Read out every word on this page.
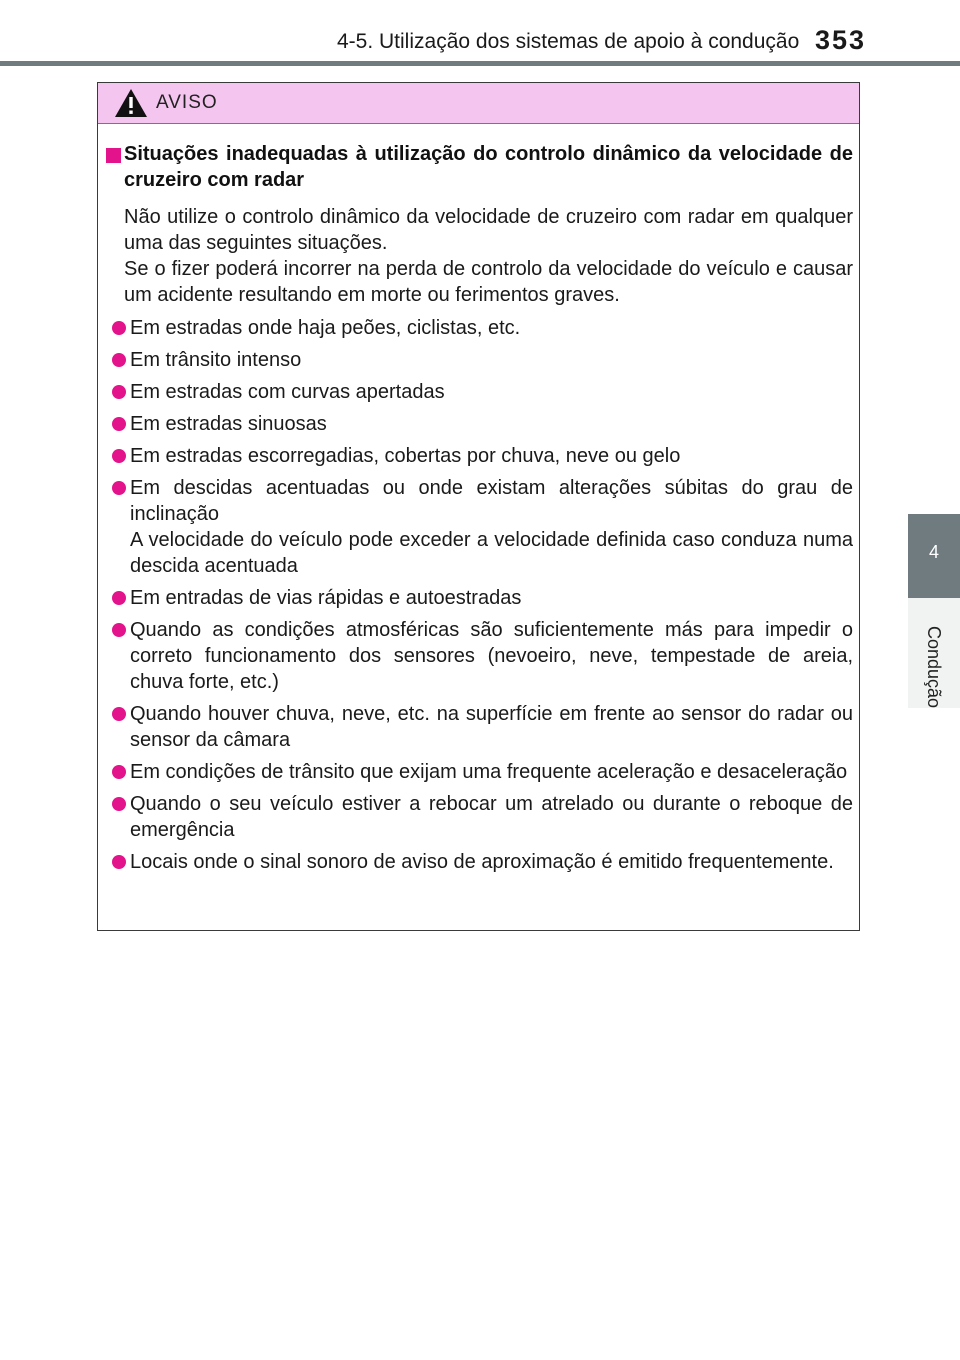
4-5. Utilização dos sistemas de apoio à condução 353
4
Condução
AVISO
Situações inadequadas à utilização do controlo dinâmico da velocidade de cruzeiro com radar

Não utilize o controlo dinâmico da velocidade de cruzeiro com radar em qualquer uma das seguintes situações.

Se o fizer poderá incorrer na perda de controlo da velocidade do veículo e causar um acidente resultando em morte ou ferimentos graves.

Em estradas onde haja peões, ciclistas, etc.
Em trânsito intenso
Em estradas com curvas apertadas
Em estradas sinuosas
Em estradas escorregadias, cobertas por chuva, neve ou gelo
Em descidas acentuadas ou onde existam alterações súbitas do grau de inclinação
A velocidade do veículo pode exceder a velocidade definida caso conduza numa descida acentuada
Em entradas de vias rápidas e autoestradas
Quando as condições atmosféricas são suficientemente más para impedir o correto funcionamento dos sensores (nevoeiro, neve, tempestade de areia, chuva forte, etc.)
Quando houver chuva, neve, etc. na superfície em frente ao sensor do radar ou sensor da câmara
Em condições de trânsito que exijam uma frequente aceleração e desaceleração
Quando o seu veículo estiver a rebocar um atrelado ou durante o reboque de emergência
Locais onde o sinal sonoro de aviso de aproximação é emitido frequentemente.
